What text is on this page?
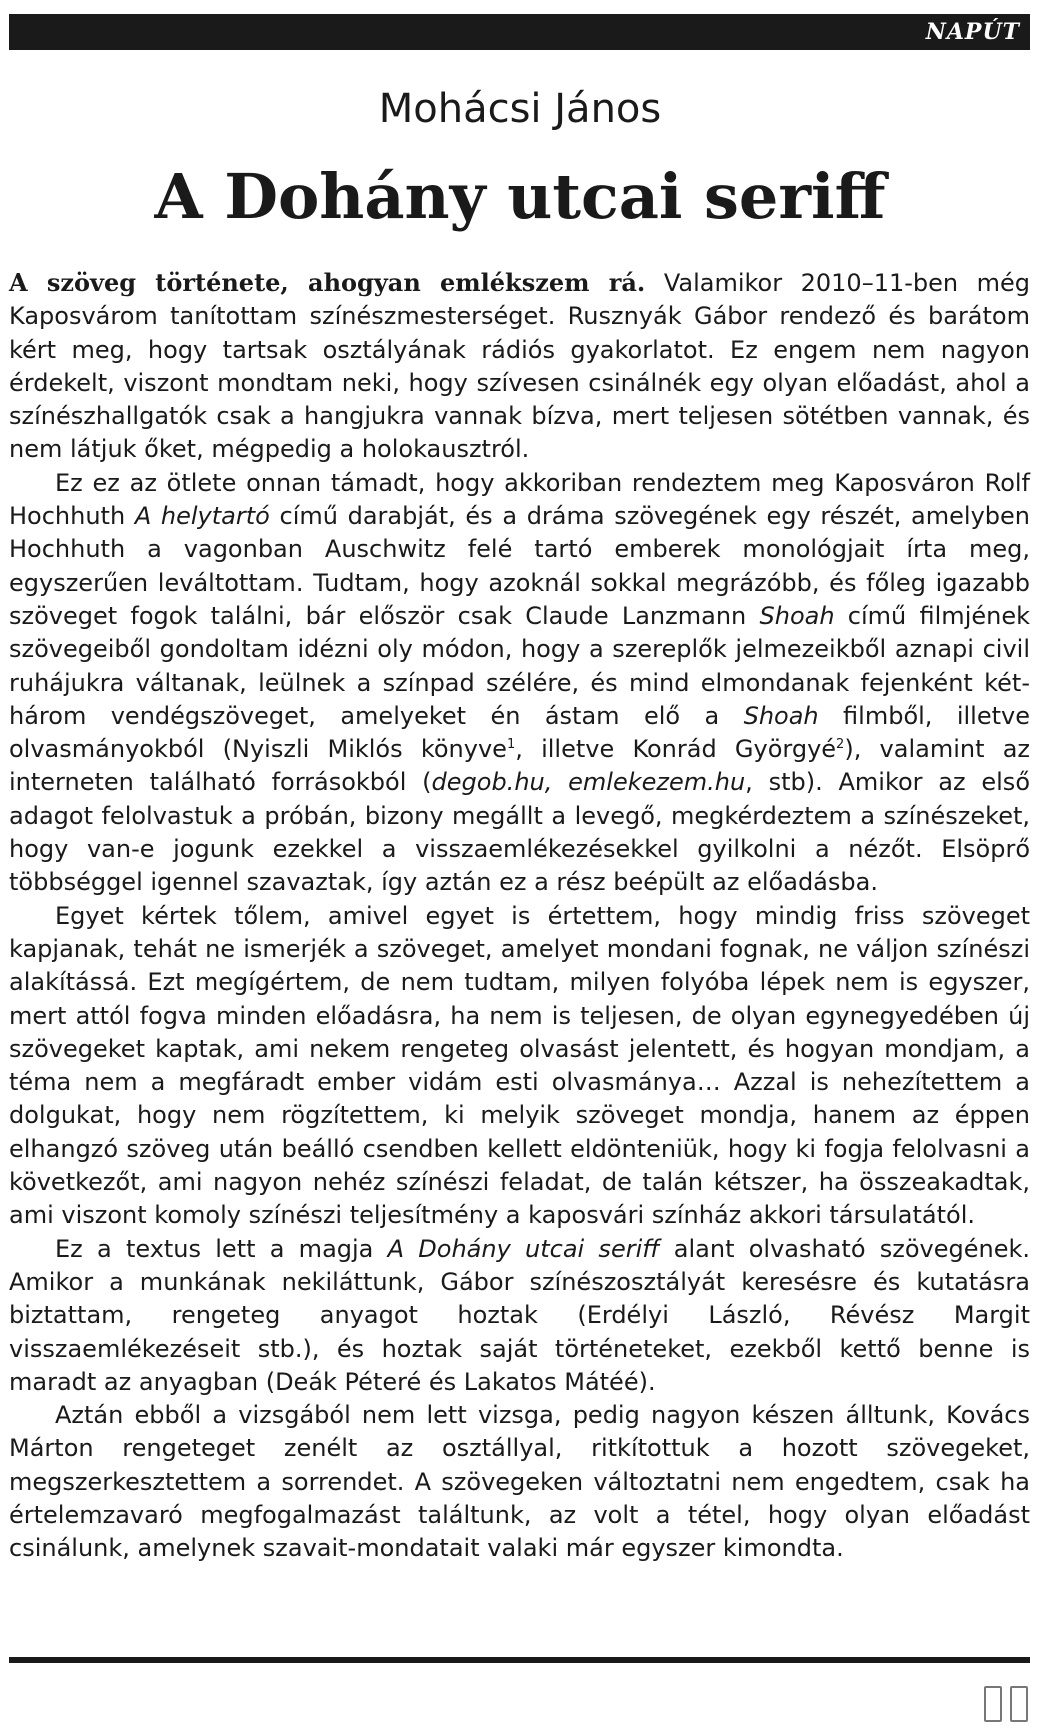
NAPÚT
Mohácsi János
A Dohány utcai seriff

A szöveg története, ahogyan emlékszem rá. Valamikor 2010–11-ben még Kaposvárom tanítottam színészmesterséget. Rusznyák Gábor rendező és barátom kért meg, hogy tartsak osztályának rádiós gyakorlatot. Ez engem nem nagyon érdekelt, viszont mondtam neki, hogy szívesen csinálnék egy olyan előadást, ahol a színészhallgatók csak a hangjukra vannak bízva, mert teljesen sötétben vannak, és nem látjuk őket, mégpedig a holokausztról.

Ez ez az ötlete onnan támadt, hogy akkoriban rendeztem meg Kaposváron Rolf Hochhuth A helytartó című darabját, és a dráma szövegének egy részét, amelyben Hochhuth a vagonban Auschwitz felé tartó emberek monológjait írta meg, egyszerűen leváltottam. Tudtam, hogy azoknál sokkal megrázóbb, és főleg igazabb szöveget fogok találni, bár először csak Claude Lanzmann Shoah című filmjének szövegeiből gondoltam idézni oly módon, hogy a szereplők jelmezeikből aznapi civil ruhájukra váltanak, leülnek a színpad szélére, és mind elmondanak fejenként két-három vendégszöveget, amelyeket én ástam elő a Shoah filmből, illetve olvasmányokból (Nyiszli Miklós könyve$^1$, illetve Konrád Györgyé$^2$), valamint az interneten található forrásokból (degob.hu, emlekezem.hu, stb). Amikor az első adagot felolvastuk a próbán, bizony megállt a levegő, megkérdeztem a színészeket, hogy van-e jogunk ezekkel a visszaemlékezésekkel gyilkolni a nézőt. Elsöprő többséggel igennel szavaztak, így aztán ez a rész beépült az előadásba.

Egyet kértek tőlem, amivel egyet is értettem, hogy mindig friss szöveget kapjanak, tehát ne ismerjék a szöveget, amelyet mondani fognak, ne váljon színészi alakítássá. Ezt megígértem, de nem tudtam, milyen folyóba lépek nem is egyszer, mert attól fogva minden előadásra, ha nem is teljesen, de olyan egynegyedében új szövegeket kaptak, ami nekem rengeteg olvasást jelentett, és hogyan mondjam, a téma nem a megfáradt ember vidám esti olvasmánya… Azzal is nehezítettem a dolgukat, hogy nem rögzítettem, ki melyik szöveget mondja, hanem az éppen elhangzó szöveg után beálló csendben kellett eldönteniük, hogy ki fogja felolvasni a következőt, ami nagyon nehéz színészi feladat, de talán kétszer, ha összeakadtak, ami viszont komoly színészi teljesítmény a kaposvári színház akkori társulatától.

Ez a textus lett a magja A Dohány utcai seriff alant olvasható szövegének. Amikor a munkának nekiláttunk, Gábor színészosztályát keresésre és kutatásra biztattam, rengeteg anyagot hoztak (Erdélyi László, Révész Margit visszaemlékezéseit stb.), és hoztak saját történeteket, ezekből kettő benne is maradt az anyagban (Deák Péteré és Lakatos Mátéé).

Aztán ebből a vizsgából nem lett vizsga, pedig nagyon készen álltunk, Kovács Márton rengeteget zenélt az osztállyal, ritkítottuk a hozott szövegeket, megszerkesztettem a sorrendet. A szövegeken változtatni nem engedtem, csak ha értelemzavaró megfogalmazást találtunk, az volt a tétel, hogy olyan előadást csinálunk, amelynek szavait-mondatait valaki már egyszer kimondta.
